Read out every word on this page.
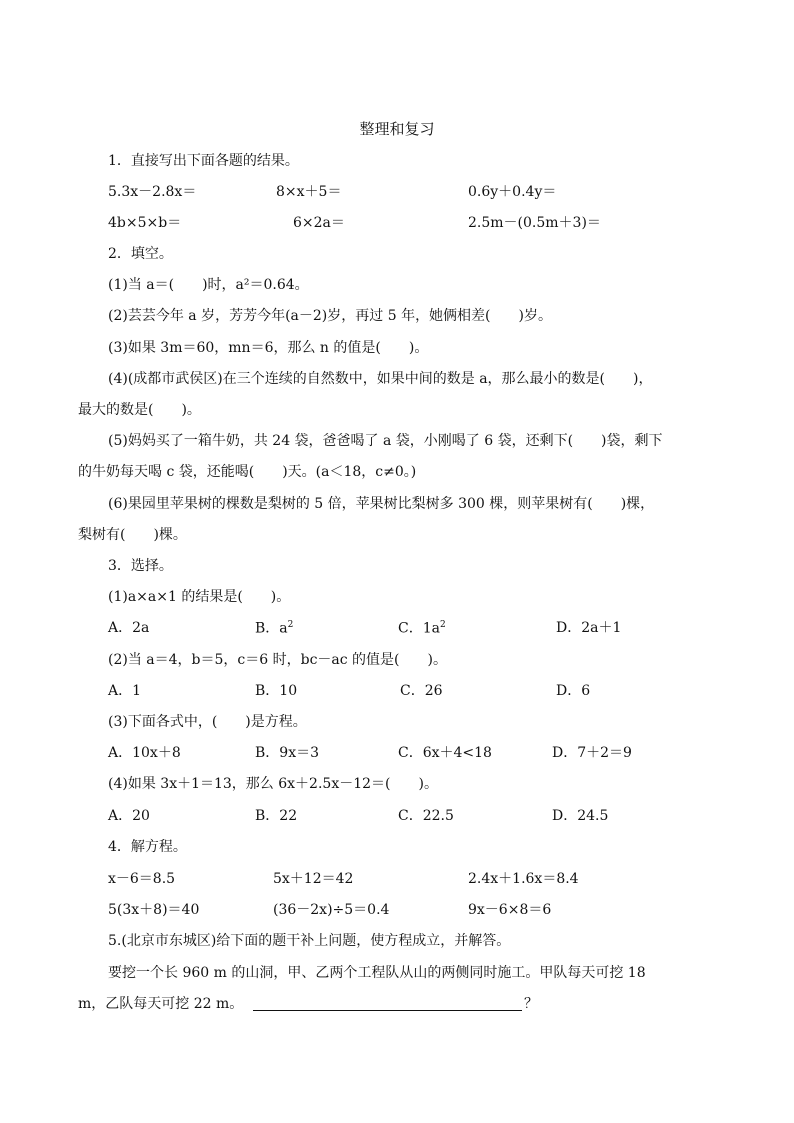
整理和复习
1．直接写出下面各题的结果。
5.3x－2.8x＝	8×x＋5＝	0.6y＋0.4y＝
4b×5×b＝	6×2a＝	2.5m－(0.5m＋3)＝
2．填空。
(1)当 a＝(　　)时，a²＝0.64。
(2)芸芸今年 a 岁，芳芳今年(a－2)岁，再过 5 年，她俩相差(　　)岁。
(3)如果 3m＝60，mn＝6，那么 n 的值是(　　)。
(4)(成都市武侯区)在三个连续的自然数中，如果中间的数是 a，那么最小的数是(　　)，
最大的数是(　　)。
(5)妈妈买了一箱牛奶，共 24 袋，爸爸喝了 a 袋，小刚喝了 6 袋，还剩下(　　)袋，剩下
的牛奶每天喝 c 袋，还能喝(　　)天。(a＜18，c≠0。)
(6)果园里苹果树的棵数是梨树的 5 倍，苹果树比梨树多 300 棵，则苹果树有(　　)棵，
梨树有(　　)棵。
3．选择。
(1)a×a×1 的结果是(　　)。
A．2a	B．$a^2$	C．$1a^2$	D．2a＋1
(2)当 a＝4，b＝5，c＝6 时，bc－ac 的值是(　　)。
A．1	B．10	C．26	D．6
(3)下面各式中，(　　)是方程。
A．10x＋8	B．9x＝3	C．6x＋4<18	D．7＋2＝9
(4)如果 3x＋1＝13，那么 6x＋2.5x－12＝(　　)。
A．20	B．22	C．22.5	D．24.5
4．解方程。
x－6＝8.5	5x＋12＝42	2.4x＋1.6x＝8.4
5(3x＋8)＝40	(36－2x)÷5＝0.4	9x－6×8＝6
5.(北京市东城区)给下面的题干补上问题，使方程成立，并解答。
要挖一个长 960 m 的山洞，甲、乙两个工程队从山的两侧同时施工。甲队每天可挖 18
m，乙队每天可挖 22 m。	？
